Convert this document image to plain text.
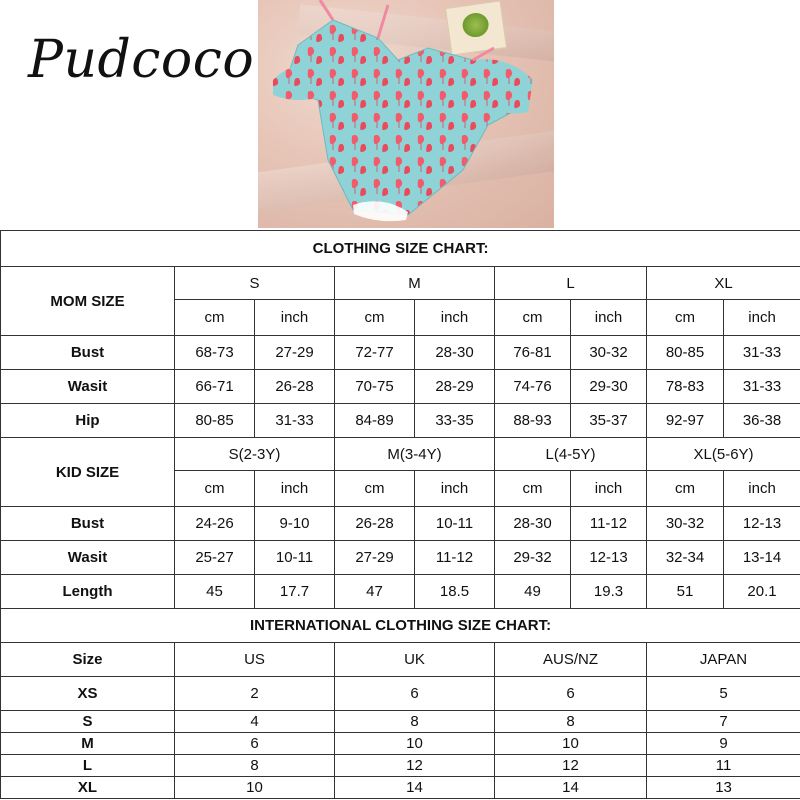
Pudcoco
CLOTHING SIZE CHART:								
MOM SIZE	S		M		L		XL	
	cm	inch	cm	inch	cm	inch	cm	inch
Bust	68-73	27-29	72-77	28-30	76-81	30-32	80-85	31-33
Wasit	66-71	26-28	70-75	28-29	74-76	29-30	78-83	31-33
Hip	80-85	31-33	84-89	33-35	88-93	35-37	92-97	36-38
KID SIZE	S(2-3Y)		M(3-4Y)		L(4-5Y)		XL(5-6Y)	
	cm	inch	cm	inch	cm	inch	cm	inch
Bust	24-26	9-10	26-28	10-11	28-30	11-12	30-32	12-13
Wasit	25-27	10-11	27-29	11-12	29-32	12-13	32-34	13-14
Length	45	17.7	47	18.5	49	19.3	51	20.1
INTERNATIONAL CLOTHING SIZE CHART:								
Size	US		UK		AUS/NZ		JAPAN	
XS	2		6		6		5	
S	4		8		8		7	
M	6		10		10		9	
L	8		12		12		11	
XL	10		14		14		13	
